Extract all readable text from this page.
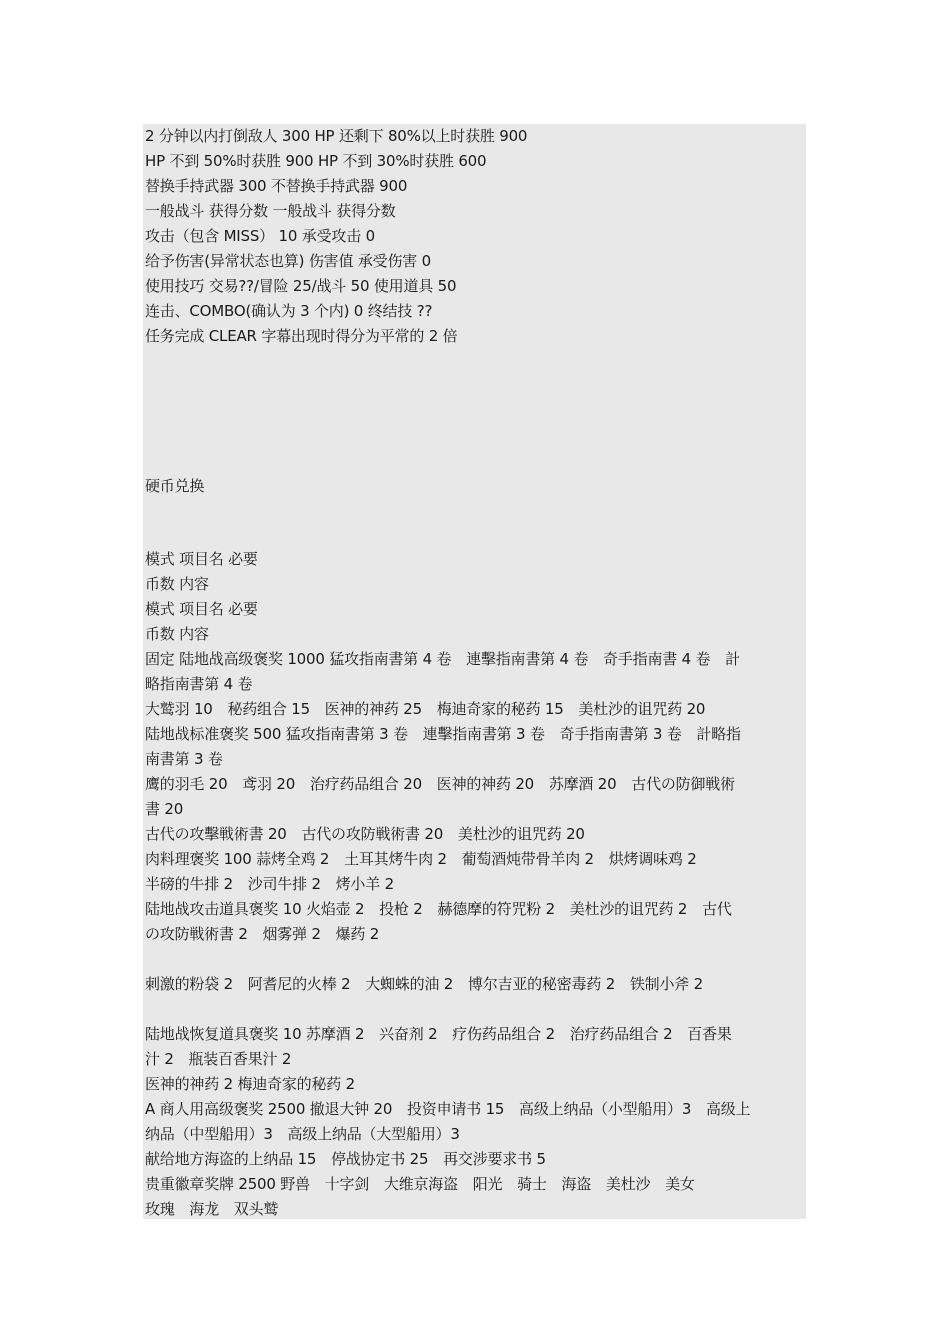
2 分钟以内打倒敌人 300 HP 还剩下 80%以上时获胜 900
HP 不到 50%时获胜 900 HP 不到 30%时获胜 600
替换手持武器 300 不替换手持武器 900
一般战斗 获得分数 一般战斗 获得分数
攻击（包含 MISS） 10 承受攻击 0
给予伤害(异常状态也算) 伤害值 承受伤害 0
使用技巧 交易??/冒险 25/战斗 50 使用道具 50
连击、COMBO(确认为 3 个内) 0 终结技 ??
任务完成 CLEAR 字幕出现时得分为平常的 2 倍
硬币兑换
模式 项目名 必要
币数 内容
模式 项目名 必要
币数 内容
固定 陆地战高级褒奖 1000 猛攻指南書第 4 卷　連擊指南書第 4 卷　奇手指南書 4 卷　計
略指南書第 4 卷
大鹫羽 10　秘药组合 15　医神的神药 25　梅迪奇家的秘药 15　美杜沙的诅咒药 20
陆地战标准褒奖 500 猛攻指南書第 3 卷　連擊指南書第 3 卷　奇手指南書第 3 卷　計略指
南書第 3 卷
鹰的羽毛 20　鸢羽 20　治疗药品组合 20　医神的神药 20　苏摩酒 20　古代の防御戦術
書 20
古代の攻擊戦術書 20　古代の攻防戦術書 20　美杜沙的诅咒药 20
肉料理褒奖 100 蒜烤全鸡 2　土耳其烤牛肉 2　葡萄酒炖带骨羊肉 2　烘烤调味鸡 2
半磅的牛排 2　沙司牛排 2　烤小羊 2
陆地战攻击道具褒奖 10 火焰壶 2　投枪 2　赫德摩的符咒粉 2　美杜沙的诅咒药 2　古代
の攻防戦術書 2　烟雾弹 2　爆药 2
刺激的粉袋 2　阿耆尼的火棒 2　大蜘蛛的油 2　博尔吉亚的秘密毒药 2　铁制小斧 2
陆地战恢复道具褒奖 10 苏摩酒 2　兴奋剂 2　疗伤药品组合 2　治疗药品组合 2　百香果
汁 2　瓶装百香果汁 2
医神的神药 2 梅迪奇家的秘药 2
A 商人用高级褒奖 2500 撤退大钟 20　投资申请书 15　高级上纳品（小型船用）3　高级上
纳品（中型船用）3　高级上纳品（大型船用）3
献给地方海盗的上纳品 15　停战协定书 25　再交涉要求书 5
贵重徽章奖牌 2500 野兽　十字剑　大维京海盗　阳光　骑士　海盗　美杜沙　美女
玫瑰　海龙　双头鹫
